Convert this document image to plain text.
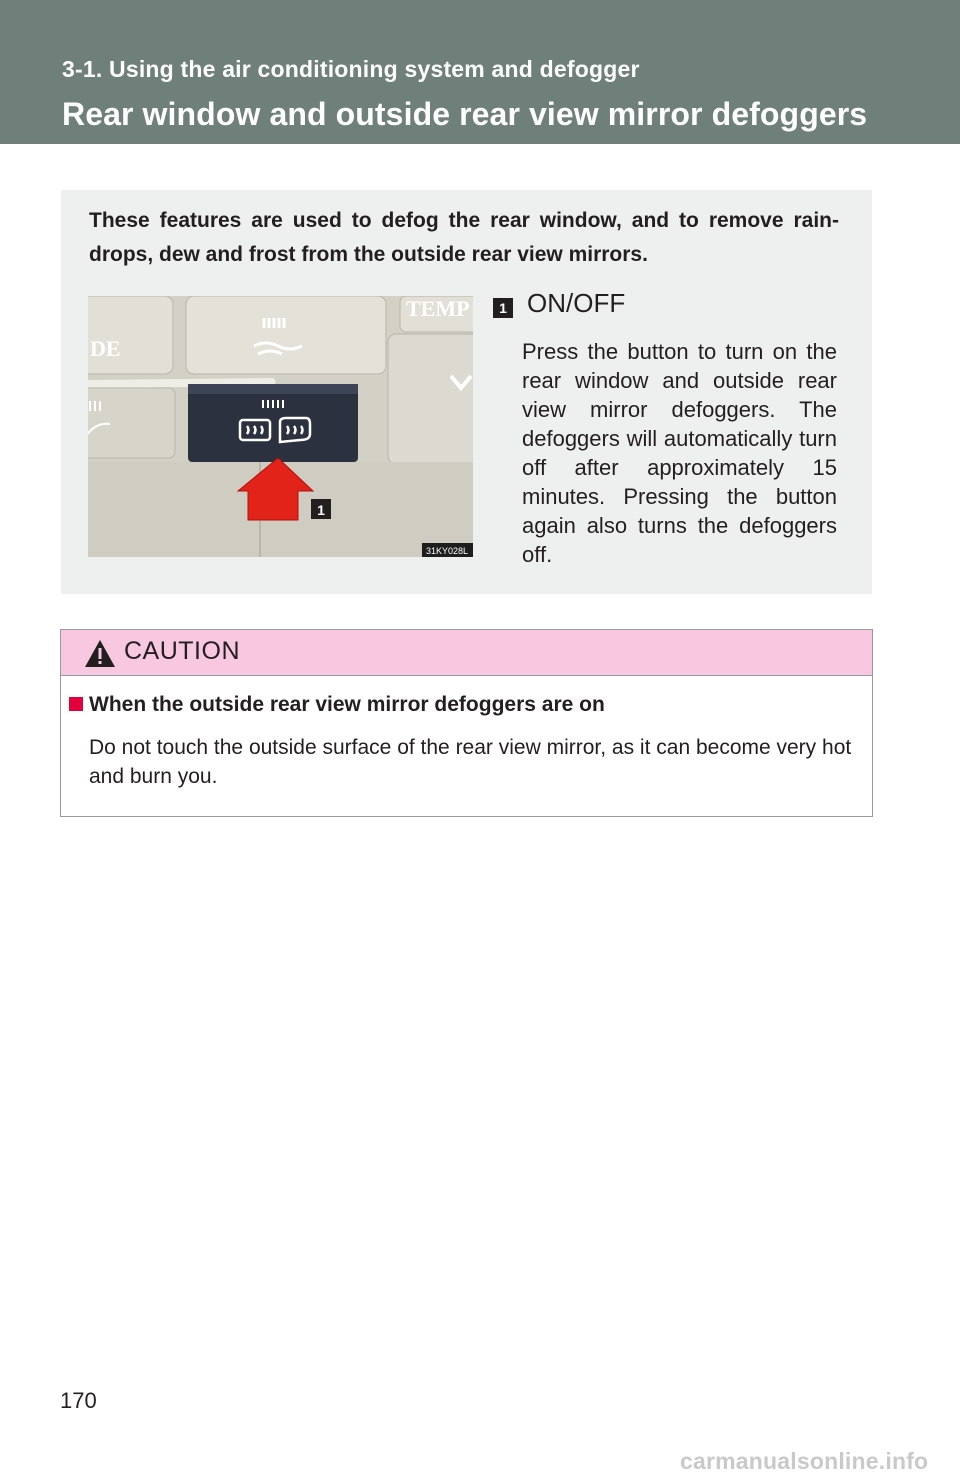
3-1. Using the air conditioning system and defogger
Rear window and outside rear view mirror defoggers
These features are used to defog the rear window, and to remove rain-drops, dew and frost from the outside rear view mirrors.
TEMP
DE
1
31KY028L
1 ON/OFF
Press the button to turn on the rear window and outside rear view mirror defoggers. The defoggers will automatically turn off after approximately 15 minutes. Pressing the button again also turns the defoggers off.
CAUTION
When the outside rear view mirror defoggers are on
Do not touch the outside surface of the rear view mirror, as it can become very hot and burn you.
170
carmanualsonline.info
